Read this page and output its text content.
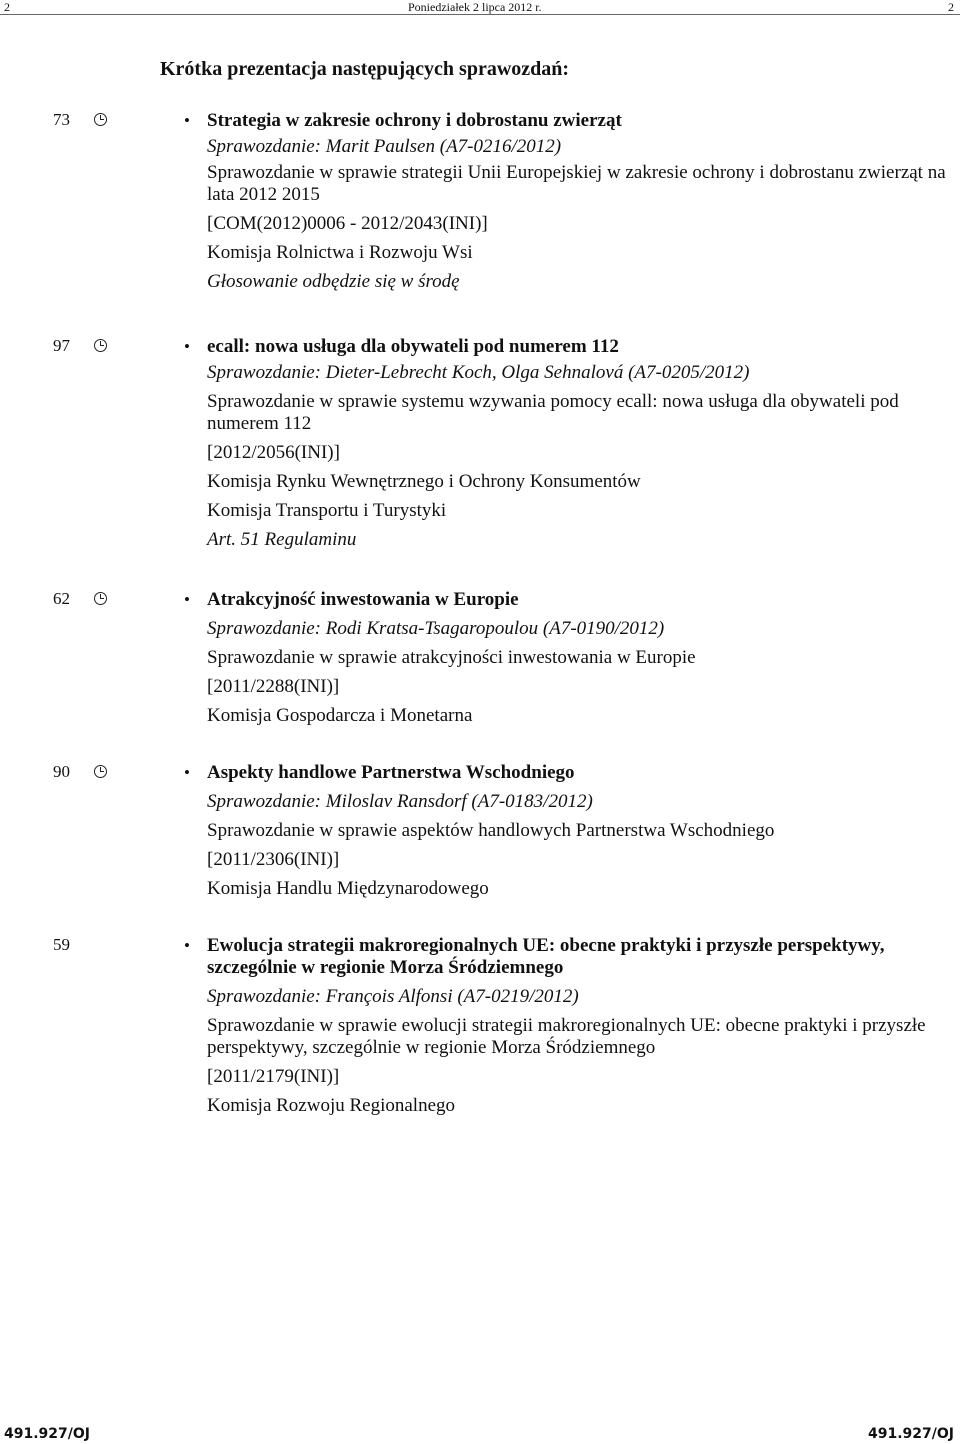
2	Poniedziałek 2 lipca 2012 r.	2
Krótka prezentacja następujących sprawozdań:
73	• Strategia w zakresie ochrony i dobrostanu zwierząt

Sprawozdanie: Marit Paulsen (A7-0216/2012)

Sprawozdanie w sprawie strategii Unii Europejskiej w zakresie ochrony i dobrostanu zwierząt na lata 2012 2015

[COM(2012)0006 - 2012/2043(INI)]

Komisja Rolnictwa i Rozwoju Wsi

Głosowanie odbędzie się w środę

97	• ecall: nowa usługa dla obywateli pod numerem 112

Sprawozdanie: Dieter-Lebrecht Koch, Olga Sehnalová (A7-0205/2012)

Sprawozdanie w sprawie systemu wzywania pomocy ecall: nowa usługa dla obywateli pod numerem 112

[2012/2056(INI)]

Komisja Rynku Wewnętrznego i Ochrony Konsumentów

Komisja Transportu i Turystyki

Art. 51 Regulaminu

62	• Atrakcyjność inwestowania w Europie

Sprawozdanie: Rodi Kratsa-Tsagaropoulou (A7-0190/2012)

Sprawozdanie w sprawie atrakcyjności inwestowania w Europie

[2011/2288(INI)]

Komisja Gospodarcza i Monetarna

90	• Aspekty handlowe Partnerstwa Wschodniego

Sprawozdanie: Miloslav Ransdorf (A7-0183/2012)

Sprawozdanie w sprawie aspektów handlowych Partnerstwa Wschodniego

[2011/2306(INI)]

Komisja Handlu Międzynarodowego

59	• Ewolucja strategii makroregionalnych UE: obecne praktyki i przyszłe perspektywy, szczególnie w regionie Morza Śródziemnego

Sprawozdanie: François Alfonsi (A7-0219/2012)

Sprawozdanie w sprawie ewolucji strategii makroregionalnych UE: obecne praktyki i przyszłe perspektywy, szczególnie w regionie Morza Śródziemnego

[2011/2179(INI)]

Komisja Rozwoju Regionalnego

491.927/OJ	491.927/OJ
